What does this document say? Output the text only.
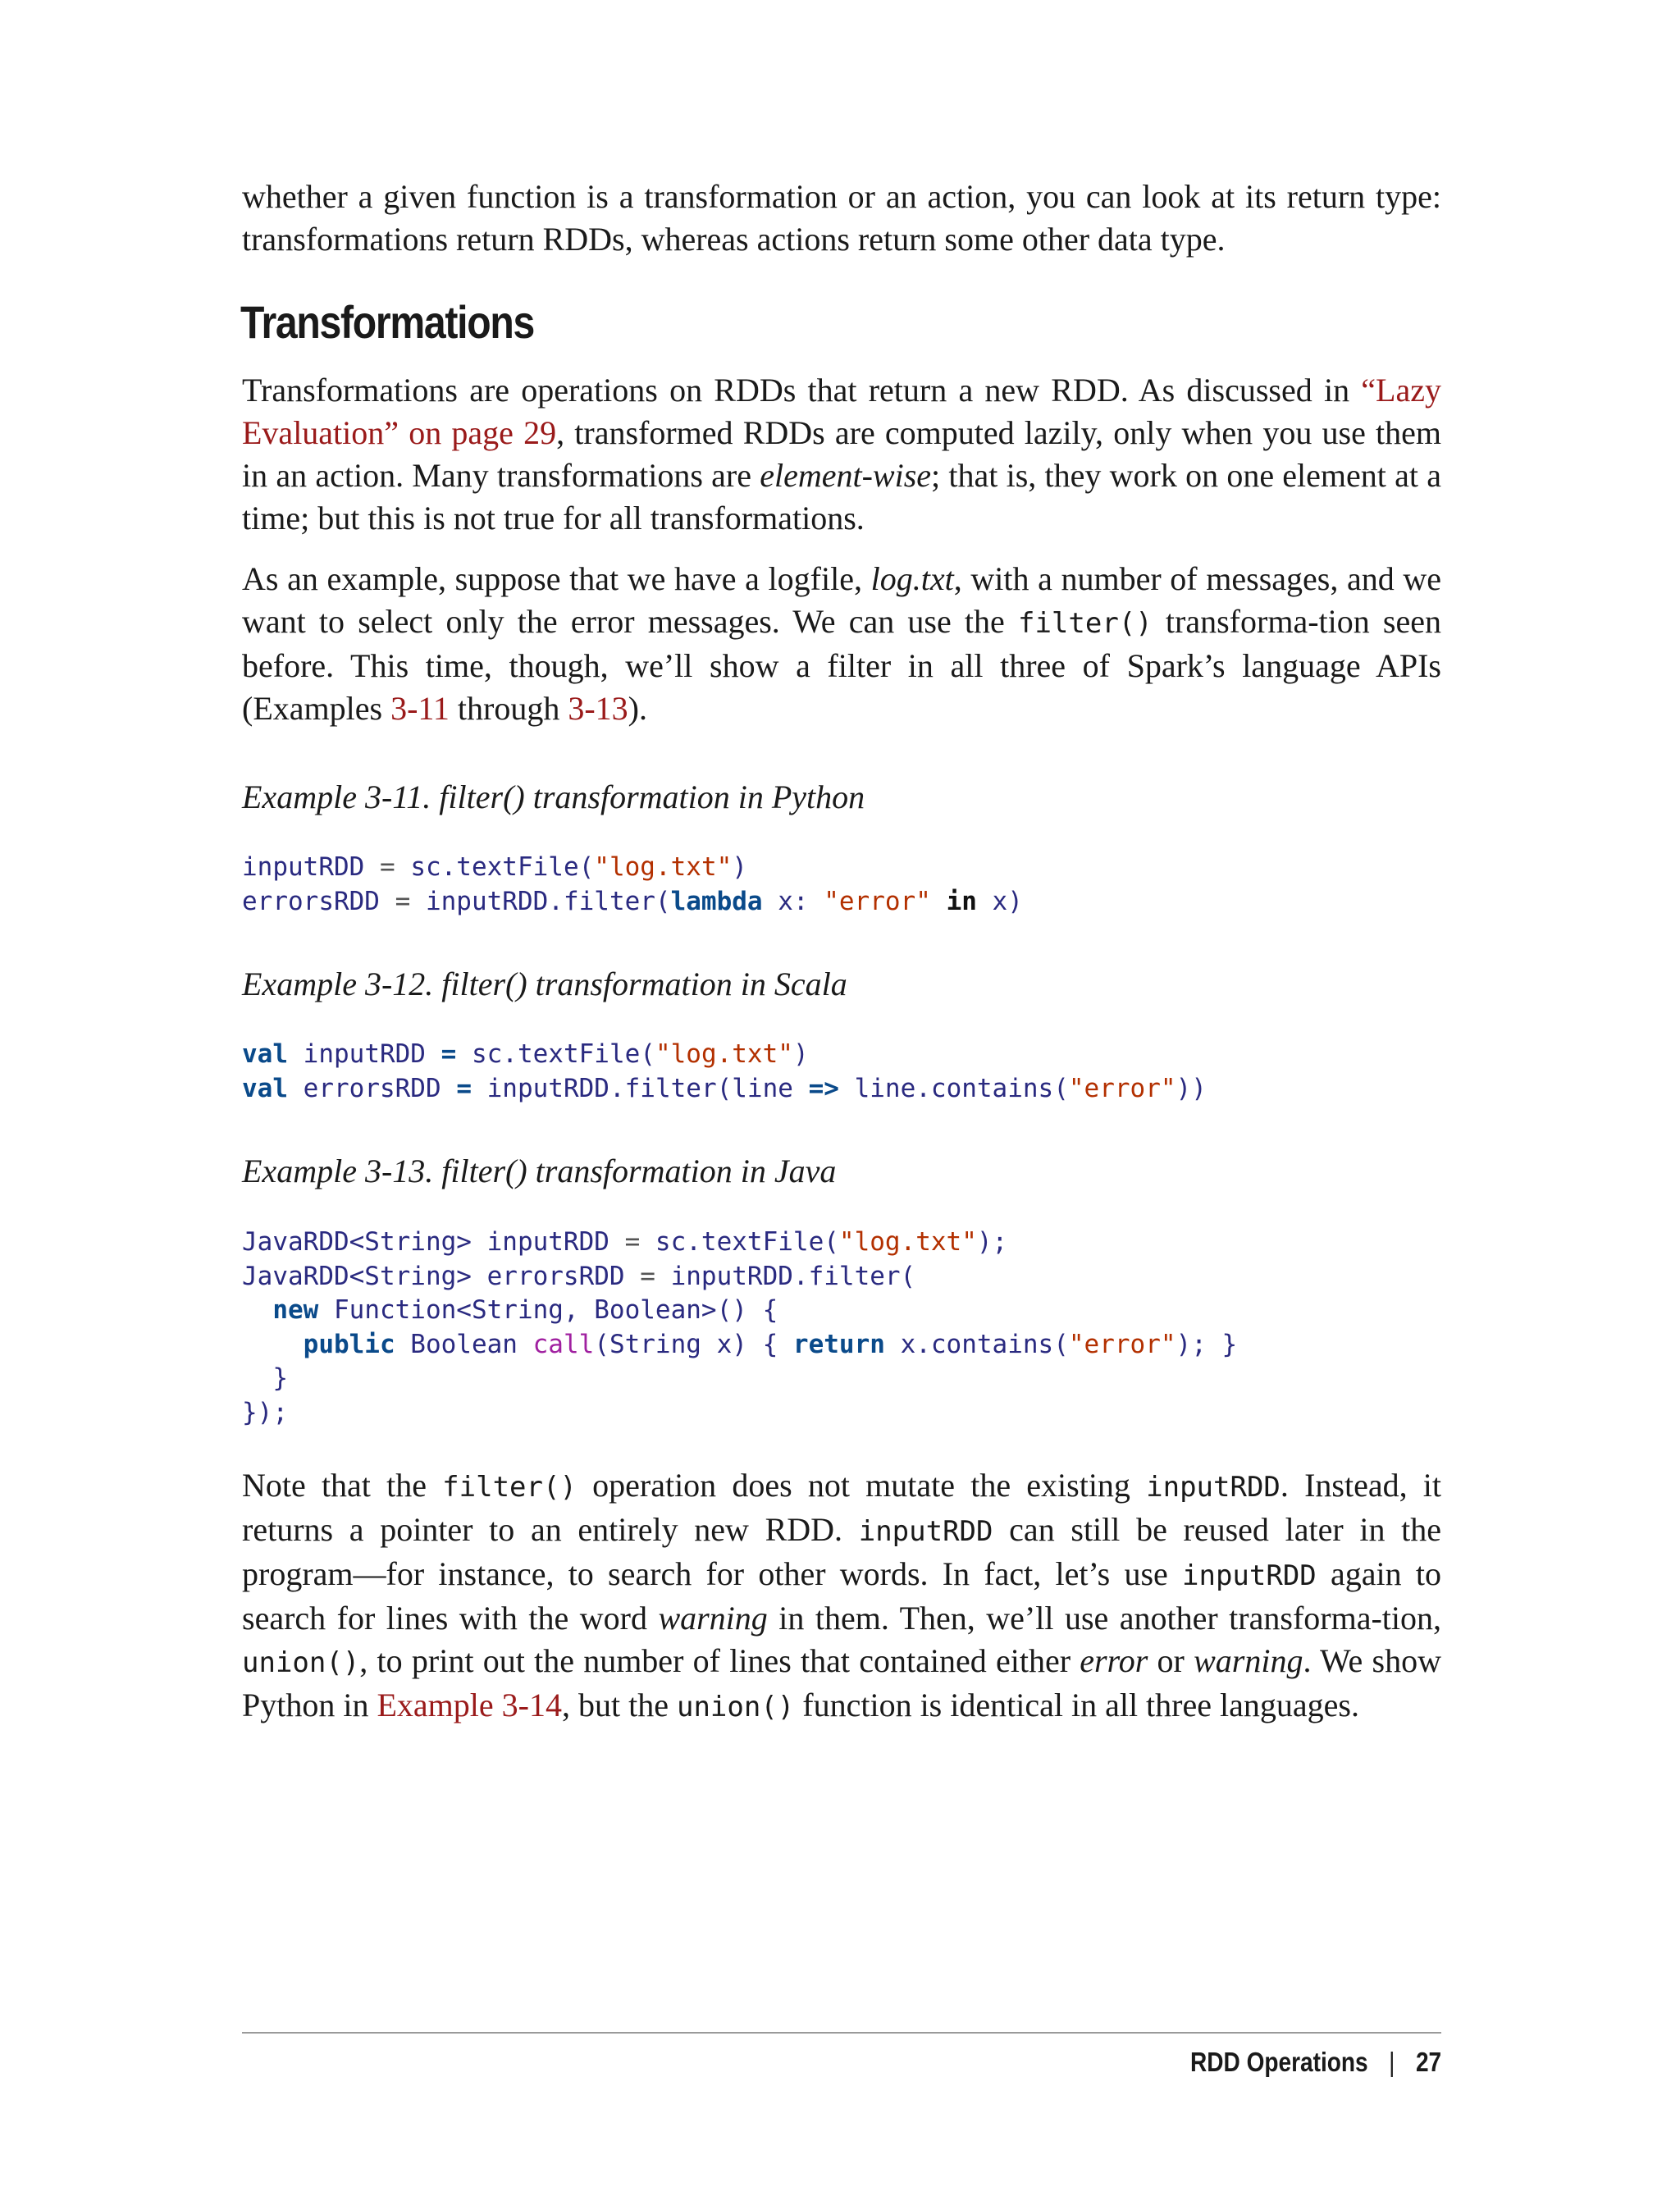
whether a given function is a transformation or an action, you can look at its return type: transformations return RDDs, whereas actions return some other data type.

Transformations

Transformations are operations on RDDs that return a new RDD. As discussed in “Lazy Evaluation” on page 29, transformed RDDs are computed lazily, only when you use them in an action. Many transformations are element-wise; that is, they work on one element at a time; but this is not true for all transformations.

As an example, suppose that we have a logfile, log.txt, with a number of messages, and we want to select only the error messages. We can use the filter() transforma-tion seen before. This time, though, we’ll show a filter in all three of Spark’s language APIs (Examples 3-11 through 3-13).

Example 3-11. filter() transformation in Python

inputRDD = sc.textFile("log.txt")
errorsRDD = inputRDD.filter(lambda x: "error" in x)

Example 3-12. filter() transformation in Scala

val inputRDD = sc.textFile("log.txt")
val errorsRDD = inputRDD.filter(line => line.contains("error"))

Example 3-13. filter() transformation in Java

JavaRDD<String> inputRDD = sc.textFile("log.txt");
JavaRDD<String> errorsRDD = inputRDD.filter(
new Function<String, Boolean>() {
public Boolean call(String x) { return x.contains("error"); }
}
});

Note that the filter() operation does not mutate the existing inputRDD. Instead, it returns a pointer to an entirely new RDD. inputRDD can still be reused later in the program—for instance, to search for other words. In fact, let’s use inputRDD again to search for lines with the word warning in them. Then, we’ll use another transforma-tion, union(), to print out the number of lines that contained either error or warning. We show Python in Example 3-14, but the union() function is identical in all three languages.

RDD Operations | 27
